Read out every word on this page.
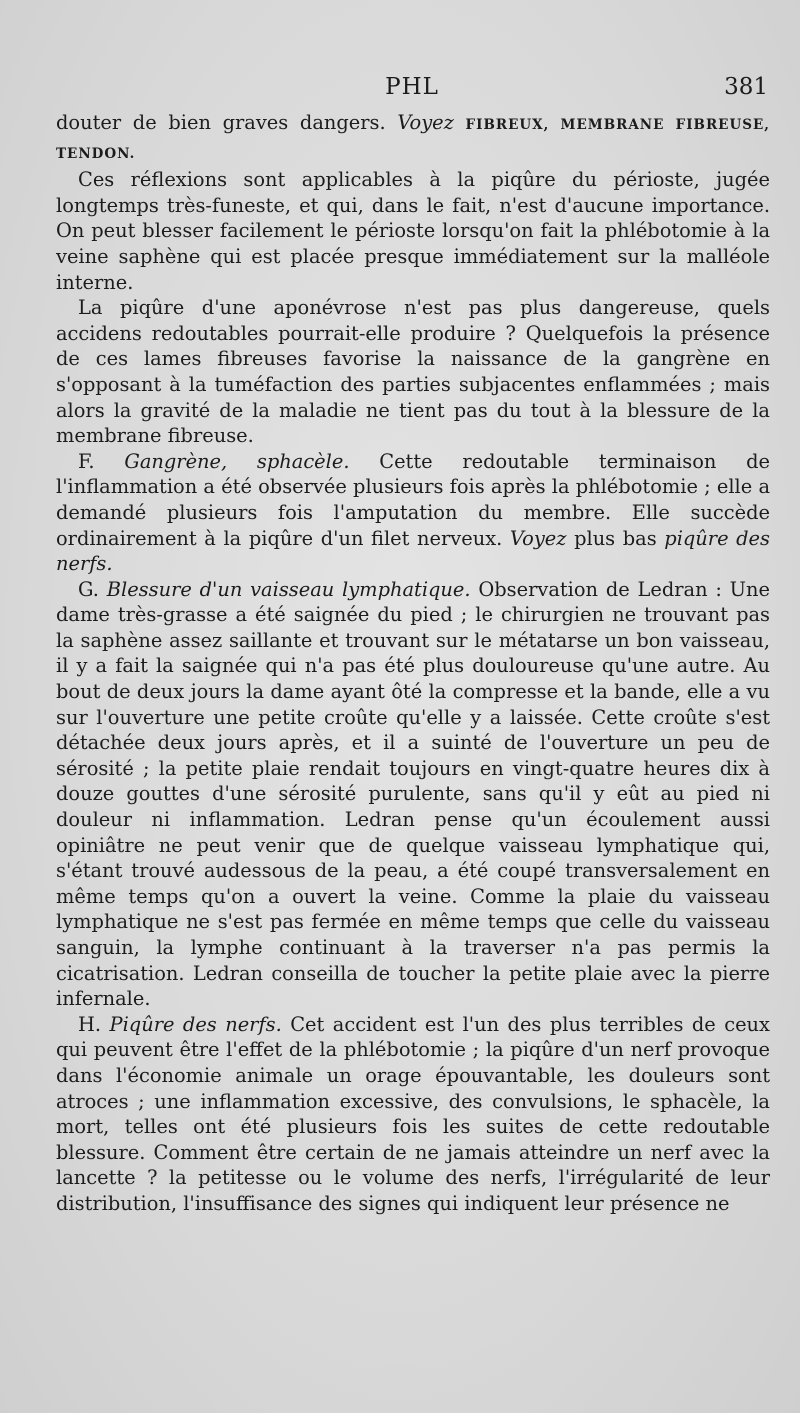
PHL	381

douter de bien graves dangers. Voyez FIBREUX, MEMBRANE FIBREUSE, TENDON.

Ces réflexions sont applicables à la piqûre du périoste, jugée longtemps très-funeste, et qui, dans le fait, n'est d'aucune importance. On peut blesser facilement le périoste lorsqu'on fait la phlébotomie à la veine saphène qui est placée presque immédiatement sur la malléole interne.

La piqûre d'une aponévrose n'est pas plus dangereuse, quels accidens redoutables pourrait-elle produire ? Quelquefois la présence de ces lames fibreuses favorise la naissance de la gangrène en s'opposant à la tuméfaction des parties subjacentes enflammées ; mais alors la gravité de la maladie ne tient pas du tout à la blessure de la membrane fibreuse.

F. Gangrène, sphacèle. Cette redoutable terminaison de l'inflammation a été observée plusieurs fois après la phlébotomie ; elle a demandé plusieurs fois l'amputation du membre. Elle succède ordinairement à la piqûre d'un filet nerveux. Voyez plus bas piqûre des nerfs.

G. Blessure d'un vaisseau lymphatique. Observation de Ledran : Une dame très-grasse a été saignée du pied ; le chirurgien ne trouvant pas la saphène assez saillante et trouvant sur le métatarse un bon vaisseau, il y a fait la saignée qui n'a pas été plus douloureuse qu'une autre. Au bout de deux jours la dame ayant ôté la compresse et la bande, elle a vu sur l'ouverture une petite croûte qu'elle y a laissée. Cette croûte s'est détachée deux jours après, et il a suinté de l'ouverture un peu de sérosité ; la petite plaie rendait toujours en vingt-quatre heures dix à douze gouttes d'une sérosité purulente, sans qu'il y eût au pied ni douleur ni inflammation. Ledran pense qu'un écoulement aussi opiniâtre ne peut venir que de quelque vaisseau lymphatique qui, s'étant trouvé audessous de la peau, a été coupé transversalement en même temps qu'on a ouvert la veine. Comme la plaie du vaisseau lymphatique ne s'est pas fermée en même temps que celle du vaisseau sanguin, la lymphe continuant à la traverser n'a pas permis la cicatrisation. Ledran conseilla de toucher la petite plaie avec la pierre infernale.

H. Piqûre des nerfs. Cet accident est l'un des plus terribles de ceux qui peuvent être l'effet de la phlébotomie ; la piqûre d'un nerf provoque dans l'économie animale un orage épouvantable, les douleurs sont atroces ; une inflammation excessive, des convulsions, le sphacèle, la mort, telles ont été plusieurs fois les suites de cette redoutable blessure. Comment être certain de ne jamais atteindre un nerf avec la lancette ? la petitesse ou le volume des nerfs, l'irrégularité de leur distribution, l'insuffisance des signes qui indiquent leur présence ne
